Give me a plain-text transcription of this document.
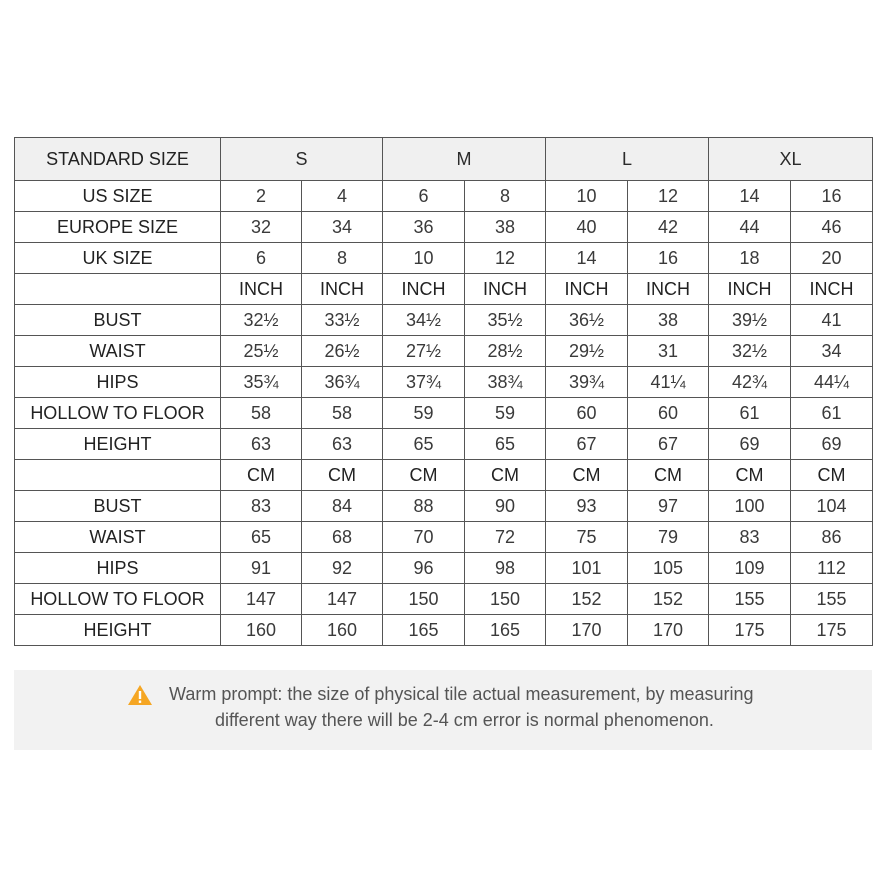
STANDARD SIZE	S		M		L		XL	
US SIZE	2	4	6	8	10	12	14	16
EUROPE SIZE	32	34	36	38	40	42	44	46
UK SIZE	6	8	10	12	14	16	18	20
	INCH	INCH	INCH	INCH	INCH	INCH	INCH	INCH
BUST	32½	33½	34½	35½	36½	38	39½	41
WAIST	25½	26½	27½	28½	29½	31	32½	34
HIPS	35¾	36¾	37¾	38¾	39¾	41¼	42¾	44¼
HOLLOW TO FLOOR	58	58	59	59	60	60	61	61
HEIGHT	63	63	65	65	67	67	69	69
	CM	CM	CM	CM	CM	CM	CM	CM
BUST	83	84	88	90	93	97	100	104
WAIST	65	68	70	72	75	79	83	86
HIPS	91	92	96	98	101	105	109	112
HOLLOW TO FLOOR	147	147	150	150	152	152	155	155
HEIGHT	160	160	165	165	170	170	175	175
Warm prompt: the size of physical tile actual measurement, by measuring
different way there will be 2-4 cm error is normal phenomenon.
